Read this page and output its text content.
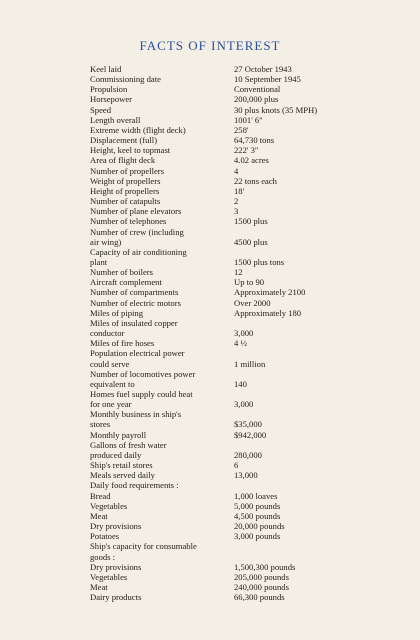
FACTS OF INTEREST
Keel laid	27 October 1943
Commissioning date	10 September 1945
Propulsion	Conventional
Horsepower	200,000 plus
Speed	30 plus knots (35 MPH)
Length overall	1001' 6"
Extreme width (flight deck)	258'
Displacement (full)	64,730 tons
Height, keel to topmast	222' 3"
Area of flight deck	4.02 acres
Number of propellers	4
Weight of propellers	22 tons each
Height of propellers	18'
Number of catapults	2
Number of plane elevators	3
Number of telephones	1500 plus
Number of crew (including
air wing)	4500 plus
Capacity of air conditioning
plant	1500 plus tons
Number of boilers	12
Aircraft complement	Up to 90
Number of compartments	Approximately 2100
Number of electric motors	Over 2000
Miles of piping	Approximately 180
Miles of insulated copper
conductor	3,000
Miles of fire hoses	4 ½
Population electrical power
could serve	1 million
Number of locomotives power
equivalent to	140
Homes fuel supply could heat
for one year	3,000
Monthly business in ship's
stores	$35,000
Monthly payroll	$942,000
Gallons of fresh water
produced daily	280,000
Ship's retail stores	6
Meals served daily	13,000
Daily food requirements :
Bread	1,000 loaves
Vegetables	5,000 pounds
Meat	4,500 pounds
Dry provisions	20,000 pounds
Potatoes	3,000 pounds
Ship's capacity for consumable
goods :
Dry provisions	1,500,300 pounds
Vegetables	205,000 pounds
Meat	240,000 pounds
Dairy products	66,300 pounds
